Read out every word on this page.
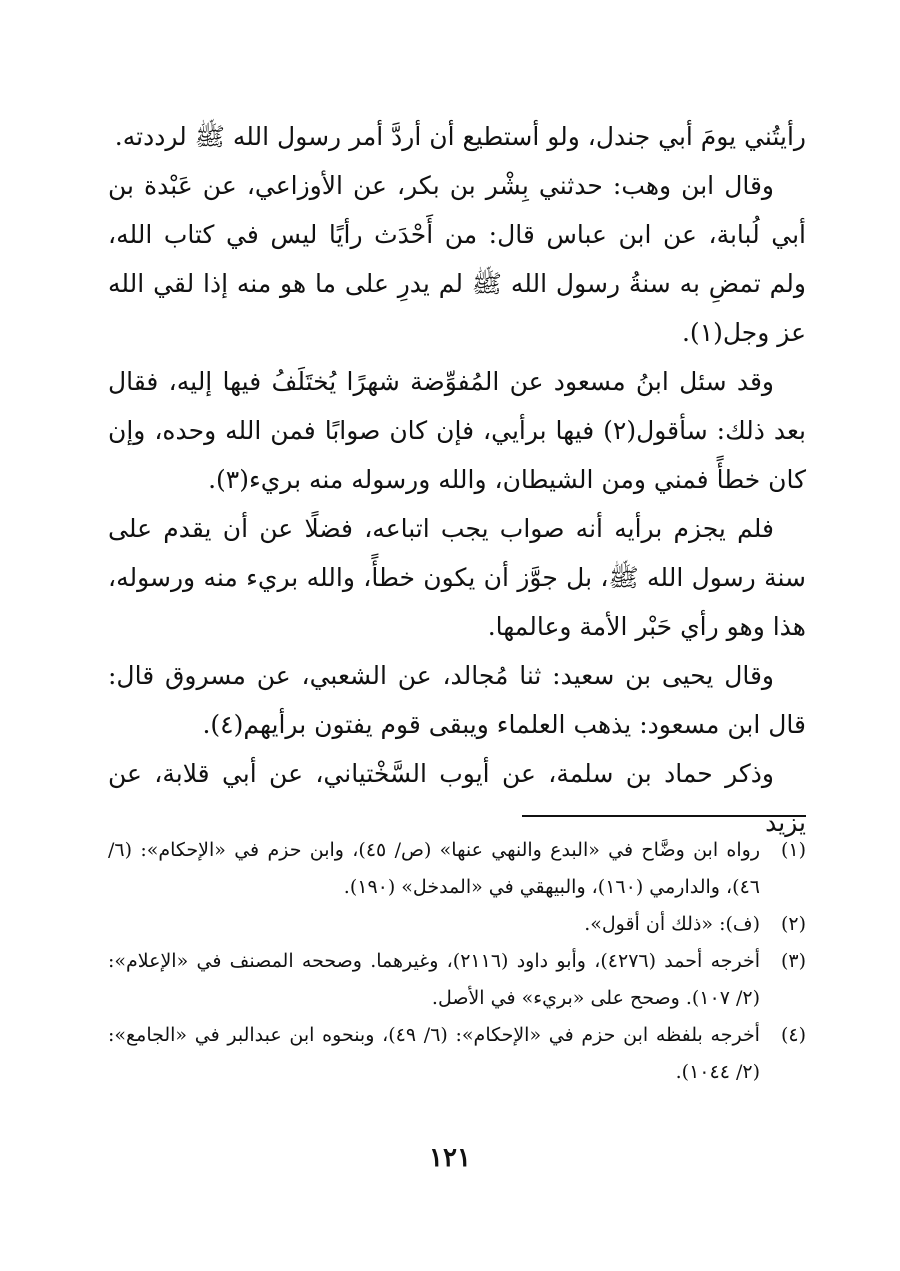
رأيتُني يومَ أبي جندل، ولو أستطيع أن أردَّ أمر رسول الله ﷺ لرددته.

وقال ابن وهب: حدثني بِشْر بن بكر، عن الأوزاعي، عن عَبْدة بن أبي لُبابة، عن ابن عباس قال: من أَحْدَث رأيًا ليس في كتاب الله، ولم تمضِ به سنةُ رسول الله ﷺ لم يدرِ على ما هو منه إذا لقي الله عز وجل(١).

وقد سئل ابنُ مسعود عن المُفوِّضة شهرًا يُختَلَفُ فيها إليه، فقال بعد ذلك: سأقول(٢) فيها برأيي، فإن كان صوابًا فمن الله وحده، وإن كان خطأً فمني ومن الشيطان، والله ورسوله منه بريء(٣).

فلم يجزم برأيه أنه صواب يجب اتباعه، فضلًا عن أن يقدم على سنة رسول الله ﷺ، بل جوَّز أن يكون خطأً، والله بريء منه ورسوله، هذا وهو رأي حَبْر الأمة وعالمها.

وقال يحيى بن سعيد: ثنا مُجالد، عن الشعبي، عن مسروق قال: قال ابن مسعود: يذهب العلماء ويبقى قوم يفتون برأيهم(٤).

وذكر حماد بن سلمة، عن أيوب السَّخْتياني، عن أبي قلابة، عن يزيد

(١)
رواه ابن وضَّاح في «البدع والنهي عنها» (ص/ ٤٥)، وابن حزم في «الإحكام»: (٦/ ٤٦)، والدارمي (١٦٠)، والبيهقي في «المدخل» (١٩٠).
(٢)
(ف): «ذلك أن أقول».
(٣)
أخرجه أحمد (٤٢٧٦)، وأبو داود (٢١١٦)، وغيرهما. وصححه المصنف في «الإعلام»: (٢/ ١٠٧). وصحح على «بريء» في الأصل.
(٤)
أخرجه بلفظه ابن حزم في «الإحكام»: (٦/ ٤٩)، وبنحوه ابن عبدالبر في «الجامع»: (٢/ ١٠٤٤).
١٢١
